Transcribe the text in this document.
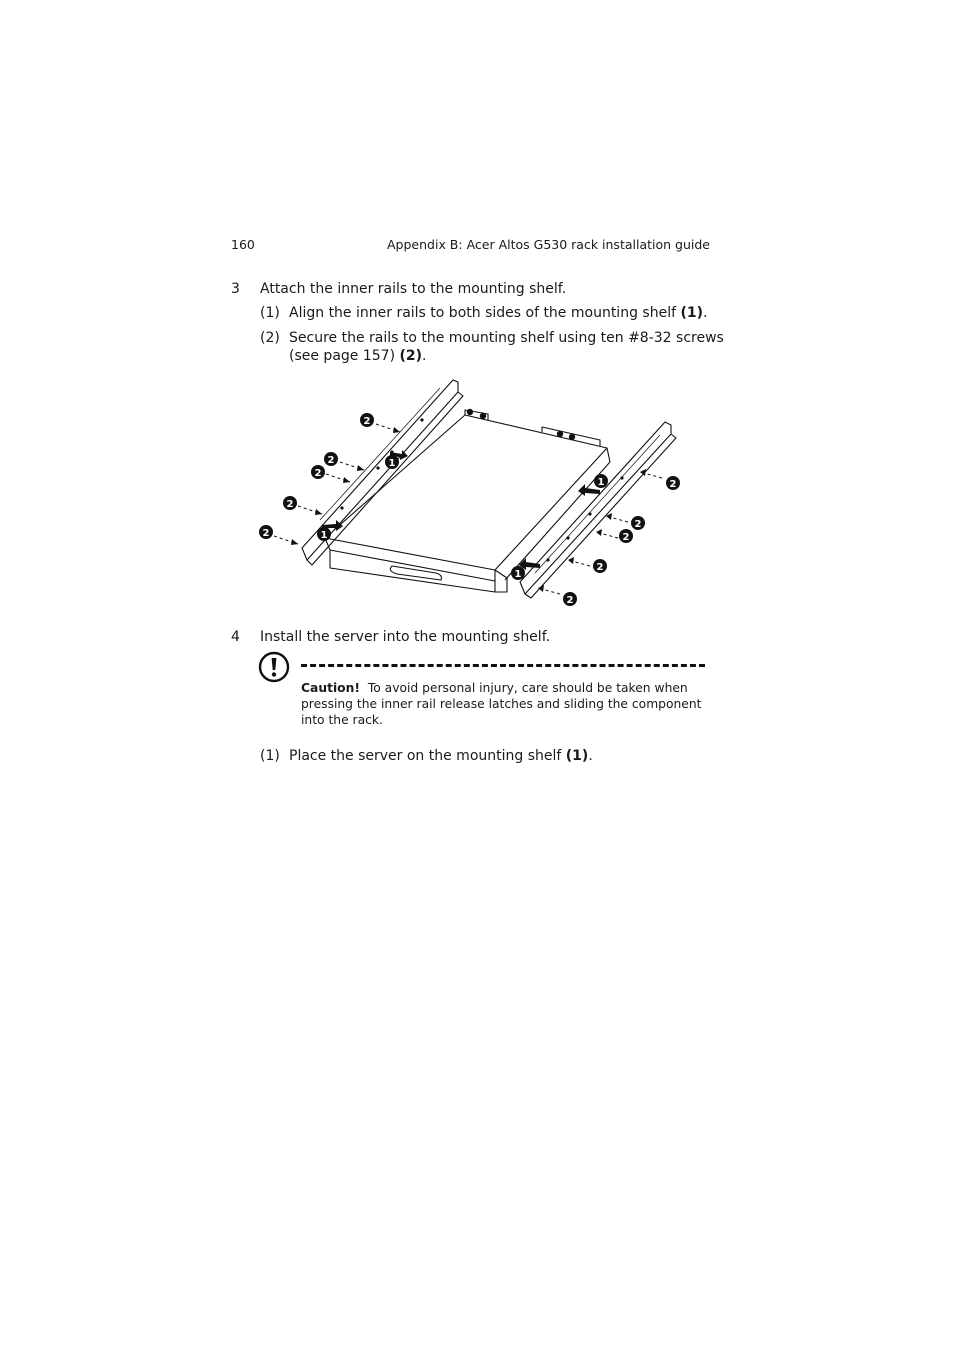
160	Appendix B: Acer Altos G530 rack installation guide
3 Attach the inner rails to the mounting shelf.
(1) Align the inner rails to both sides of the mounting shelf (1).
(2) Secure the rails to the mounting shelf using ten #8-32 screws
(see page 157) (2).
1
1
1
1
2
2
2
2
2
2
2
2
2
2
4 Install the server into the mounting shelf.
Caution! To avoid personal injury, care should be taken when
pressing the inner rail release latches and sliding the component
into the rack.
(1) Place the server on the mounting shelf (1).
